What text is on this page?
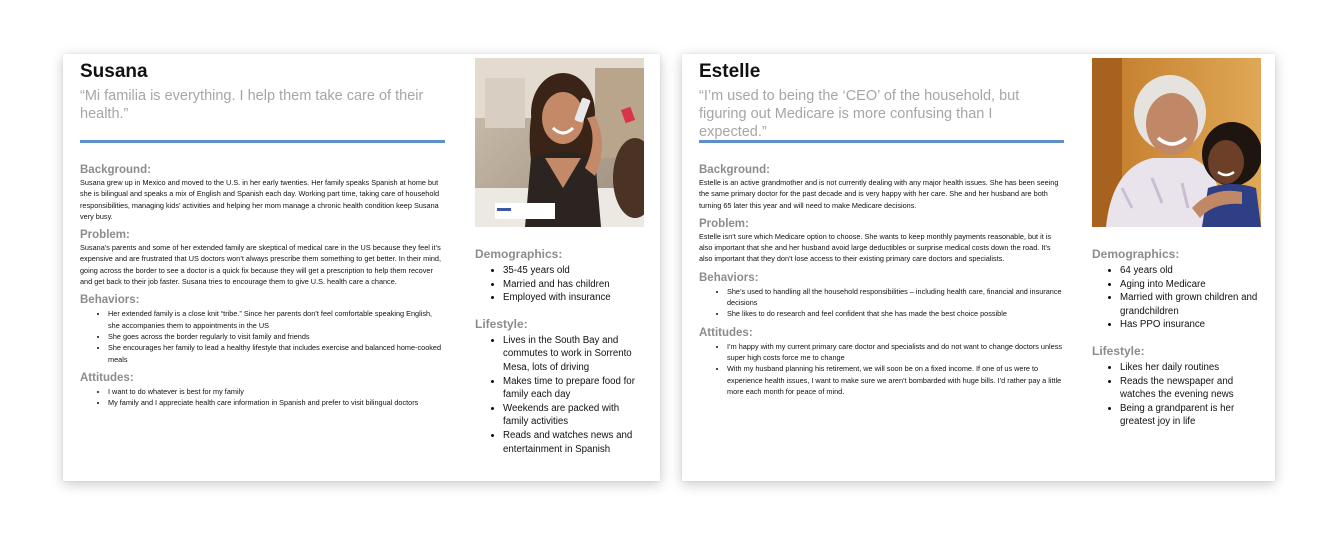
Susana
“Mi familia is everything. I help them take care of their health.”
Background:
Susana grew up in Mexico and moved to the U.S. in her early twenties. Her family speaks Spanish at home but she is bilingual and speaks a mix of English and Spanish each day. Working part time, taking care of household responsibilities, managing kids’ activities and helping her mom manage a chronic health condition keep Susana very busy.
Problem:
Susana’s parents and some of her extended family are skeptical of medical care in the US because they feel it’s expensive and are frustrated that US doctors won’t always prescribe them something to get better. In their mind, going across the border to see a doctor is a quick fix because they will get a prescription to help them recover and get back to their job faster. Susana tries to encourage them to give U.S. health care a chance.
Behaviors:
• Her extended family is a close knit “tribe.” Since her parents don’t feel comfortable speaking English, she accompanies them to appointments in the US
• She goes across the border regularly to visit family and friends
• She encourages her family to lead a healthy lifestyle that includes exercise and balanced home-cooked meals
Attitudes:
• I want to do whatever is best for my family
• My family and I appreciate health care information in Spanish and prefer to visit bilingual doctors
Demographics:
• 35-45 years old
• Married and has children
• Employed with insurance
Lifestyle:
• Lives in the South Bay and commutes to work in Sorrento Mesa, lots of driving
• Makes time to prepare food for family each day
• Weekends are packed with family activities
• Reads and watches news and entertainment in Spanish
Estelle
“I’m used to being the ‘CEO’ of the household, but figuring out Medicare is more confusing than I expected.”
Background:
Estelle is an active grandmother and is not currently dealing with any major health issues. She has been seeing the same primary doctor for the past decade and is very happy with her care. She and her husband are both turning 65 later this year and will need to make Medicare decisions.
Problem:
Estelle isn’t sure which Medicare option to choose. She wants to keep monthly payments reasonable, but it is also important that she and her husband avoid large deductibles or surprise medical costs down the road. It’s also important that they don’t lose access to their existing primary care doctors and specialists.
Behaviors:
• She’s used to handling all the household responsibilities – including health care, financial and insurance decisions
• She likes to do research and feel confident that she has made the best choice possible
Attitudes:
• I’m happy with my current primary care doctor and specialists and do not want to change doctors unless super high costs force me to change
• With my husband planning his retirement, we will soon be on a fixed income. If one of us were to experience health issues, I want to make sure we aren’t bombarded with huge bills. I’d rather pay a little more each month for peace of mind.
Demographics:
• 64 years old
• Aging into Medicare
• Married with grown children and grandchildren
• Has PPO insurance
Lifestyle:
• Likes her daily routines
• Reads the newspaper and watches the evening news
• Being a grandparent is her greatest joy in life
